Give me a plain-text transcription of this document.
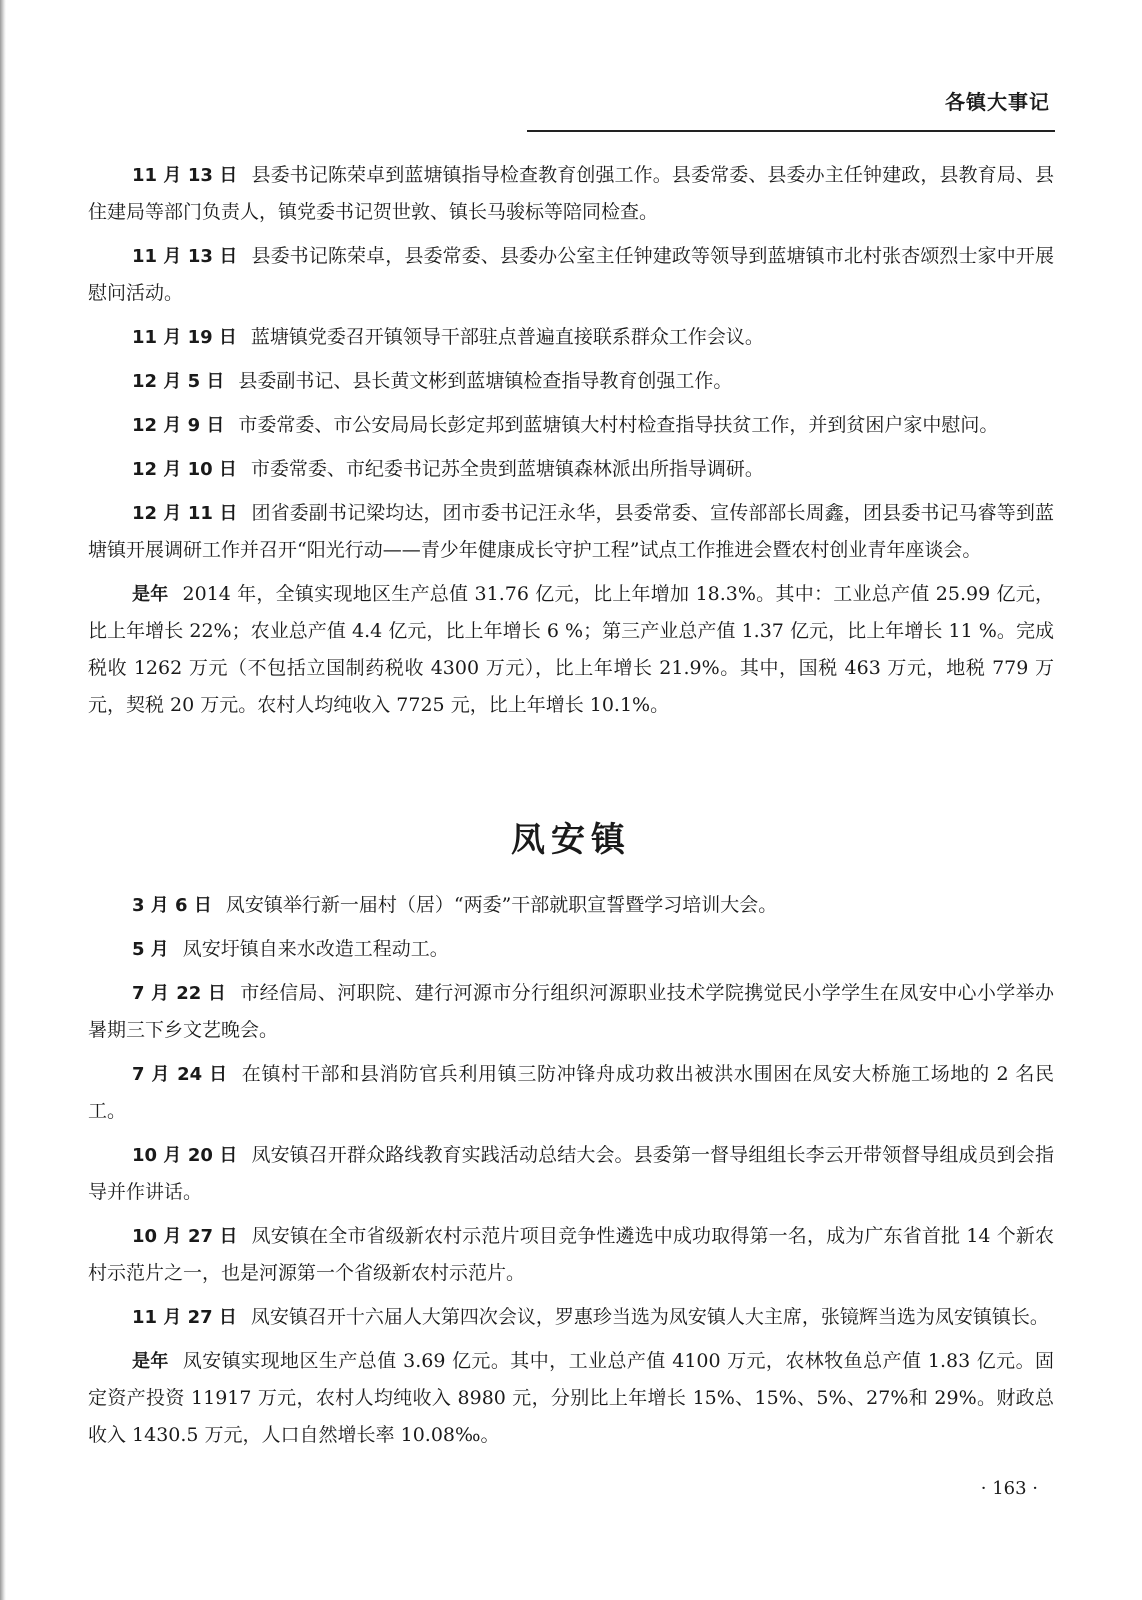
各镇大事记

11 月 13 日 县委书记陈荣卓到蓝塘镇指导检查教育创强工作。县委常委、县委办主任钟建政，县教育局、县住建局等部门负责人，镇党委书记贺世敦、镇长马骏标等陪同检查。

11 月 13 日 县委书记陈荣卓，县委常委、县委办公室主任钟建政等领导到蓝塘镇市北村张杏颂烈士家中开展慰问活动。

11 月 19 日 蓝塘镇党委召开镇领导干部驻点普遍直接联系群众工作会议。

12 月 5 日 县委副书记、县长黄文彬到蓝塘镇检查指导教育创强工作。

12 月 9 日 市委常委、市公安局局长彭定邦到蓝塘镇大村村检查指导扶贫工作，并到贫困户家中慰问。

12 月 10 日 市委常委、市纪委书记苏全贵到蓝塘镇森林派出所指导调研。

12 月 11 日 团省委副书记梁均达，团市委书记汪永华，县委常委、宣传部部长周鑫，团县委书记马睿等到蓝塘镇开展调研工作并召开“阳光行动——青少年健康成长守护工程”试点工作推进会暨农村创业青年座谈会。

是年 2014 年，全镇实现地区生产总值 31.76 亿元，比上年增加 18.3%。其中：工业总产值 25.99 亿元，比上年增长 22%；农业总产值 4.4 亿元，比上年增长 6 %；第三产业总产值 1.37 亿元，比上年增长 11 %。完成税收 1262 万元（不包括立国制药税收 4300 万元），比上年增长 21.9%。其中，国税 463 万元，地税 779 万元，契税 20 万元。农村人均纯收入 7725 元，比上年增长 10.1%。

凤安镇

3 月 6 日 凤安镇举行新一届村（居）“两委”干部就职宣誓暨学习培训大会。

5 月 凤安圩镇自来水改造工程动工。

7 月 22 日 市经信局、河职院、建行河源市分行组织河源职业技术学院携觉民小学学生在凤安中心小学举办暑期三下乡文艺晚会。

7 月 24 日 在镇村干部和县消防官兵利用镇三防冲锋舟成功救出被洪水围困在凤安大桥施工场地的 2 名民工。

10 月 20 日 凤安镇召开群众路线教育实践活动总结大会。县委第一督导组组长李云开带领督导组成员到会指导并作讲话。

10 月 27 日 凤安镇在全市省级新农村示范片项目竞争性遴选中成功取得第一名，成为广东省首批 14 个新农村示范片之一，也是河源第一个省级新农村示范片。

11 月 27 日 凤安镇召开十六届人大第四次会议，罗惠珍当选为凤安镇人大主席，张镜辉当选为凤安镇镇长。

是年 凤安镇实现地区生产总值 3.69 亿元。其中，工业总产值 4100 万元，农林牧鱼总产值 1.83 亿元。固定资产投资 11917 万元，农村人均纯收入 8980 元，分别比上年增长 15%、15%、5%、27%和 29%。财政总收入 1430.5 万元，人口自然增长率 10.08‰。

· 163 ·
